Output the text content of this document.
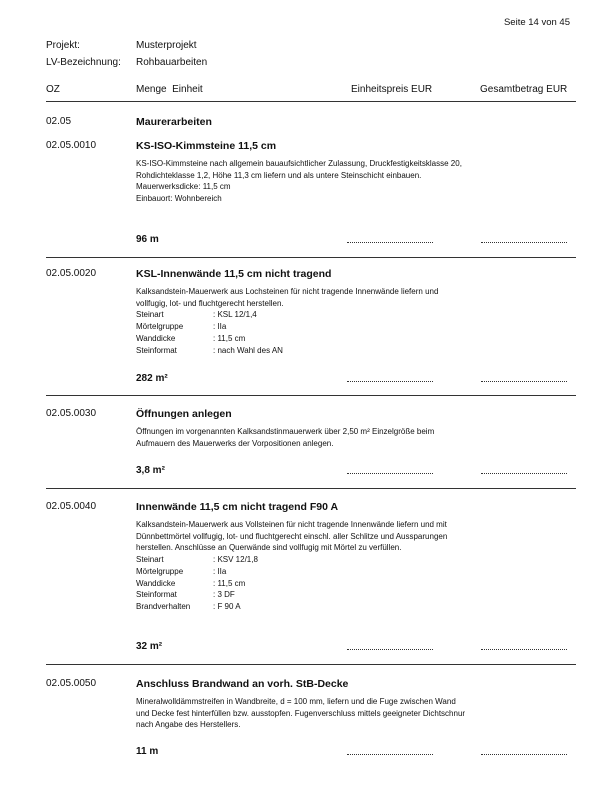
Seite 14 von 45
Projekt:	Musterprojekt
LV-Bezeichnung: Rohbauarbeiten
OZ	Menge  Einheit	Einheitspreis EUR	Gesamtbetrag EUR
02.05	Maurerarbeiten
02.05.0010	KS-ISO-Kimmsteine 11,5 cm

KS-ISO-Kimmsteine nach allgemein bauaufsichtlicher Zulassung, Druckfestigkeitsklasse 20,

Rohdichteklasse 1,2, Höhe 11,3 cm liefern und als untere Steinschicht einbauen.

Mauerwerksdicke: 11,5 cm

Einbauort: Wohnbereich

96 m
02.05.0020	KSL-Innenwände 11,5 cm nicht tragend

Kalksandstein-Mauerwerk aus Lochsteinen für nicht tragende Innenwände liefern und

vollfugig, lot- und fluchtgerecht herstellen.

Steinart	: KSL 12/1,4
Mörtelgruppe	: IIa
Wanddicke	: 11,5 cm
Steinformat	: nach Wahl des AN
282 m²
02.05.0030	Öffnungen anlegen

Öffnungen im vorgenannten Kalksandstinmauerwerk über 2,50 m² Einzelgröße beim

Aufmauern des Mauerwerks der Vorpositionen anlegen.

3,8 m²
02.05.0040	Innenwände 11,5 cm nicht tragend F90 A

Kalksandstein-Mauerwerk aus Vollsteinen für nicht tragende Innenwände liefern und mit

Dünnbettmörtel vollfugig, lot- und fluchtgerecht einschl. aller Schlitze und Aussparungen

herstellen. Anschlüsse an Querwände sind vollfugig mit Mörtel zu verfüllen.

Steinart	: KSV 12/1,8
Mörtelgruppe	: IIa
Wanddicke	: 11,5 cm
Steinformat	: 3 DF
Brandverhalten	: F 90 A
32 m²
02.05.0050	Anschluss Brandwand an vorh. StB-Decke

Mineralwolldämmstreifen in Wandbreite, d = 100 mm, liefern und die Fuge zwischen Wand

und Decke fest hinterfüllen bzw. ausstopfen. Fugenverschluss mittels geeigneter Dichtschnur

nach Angabe des Herstellers.

11 m
